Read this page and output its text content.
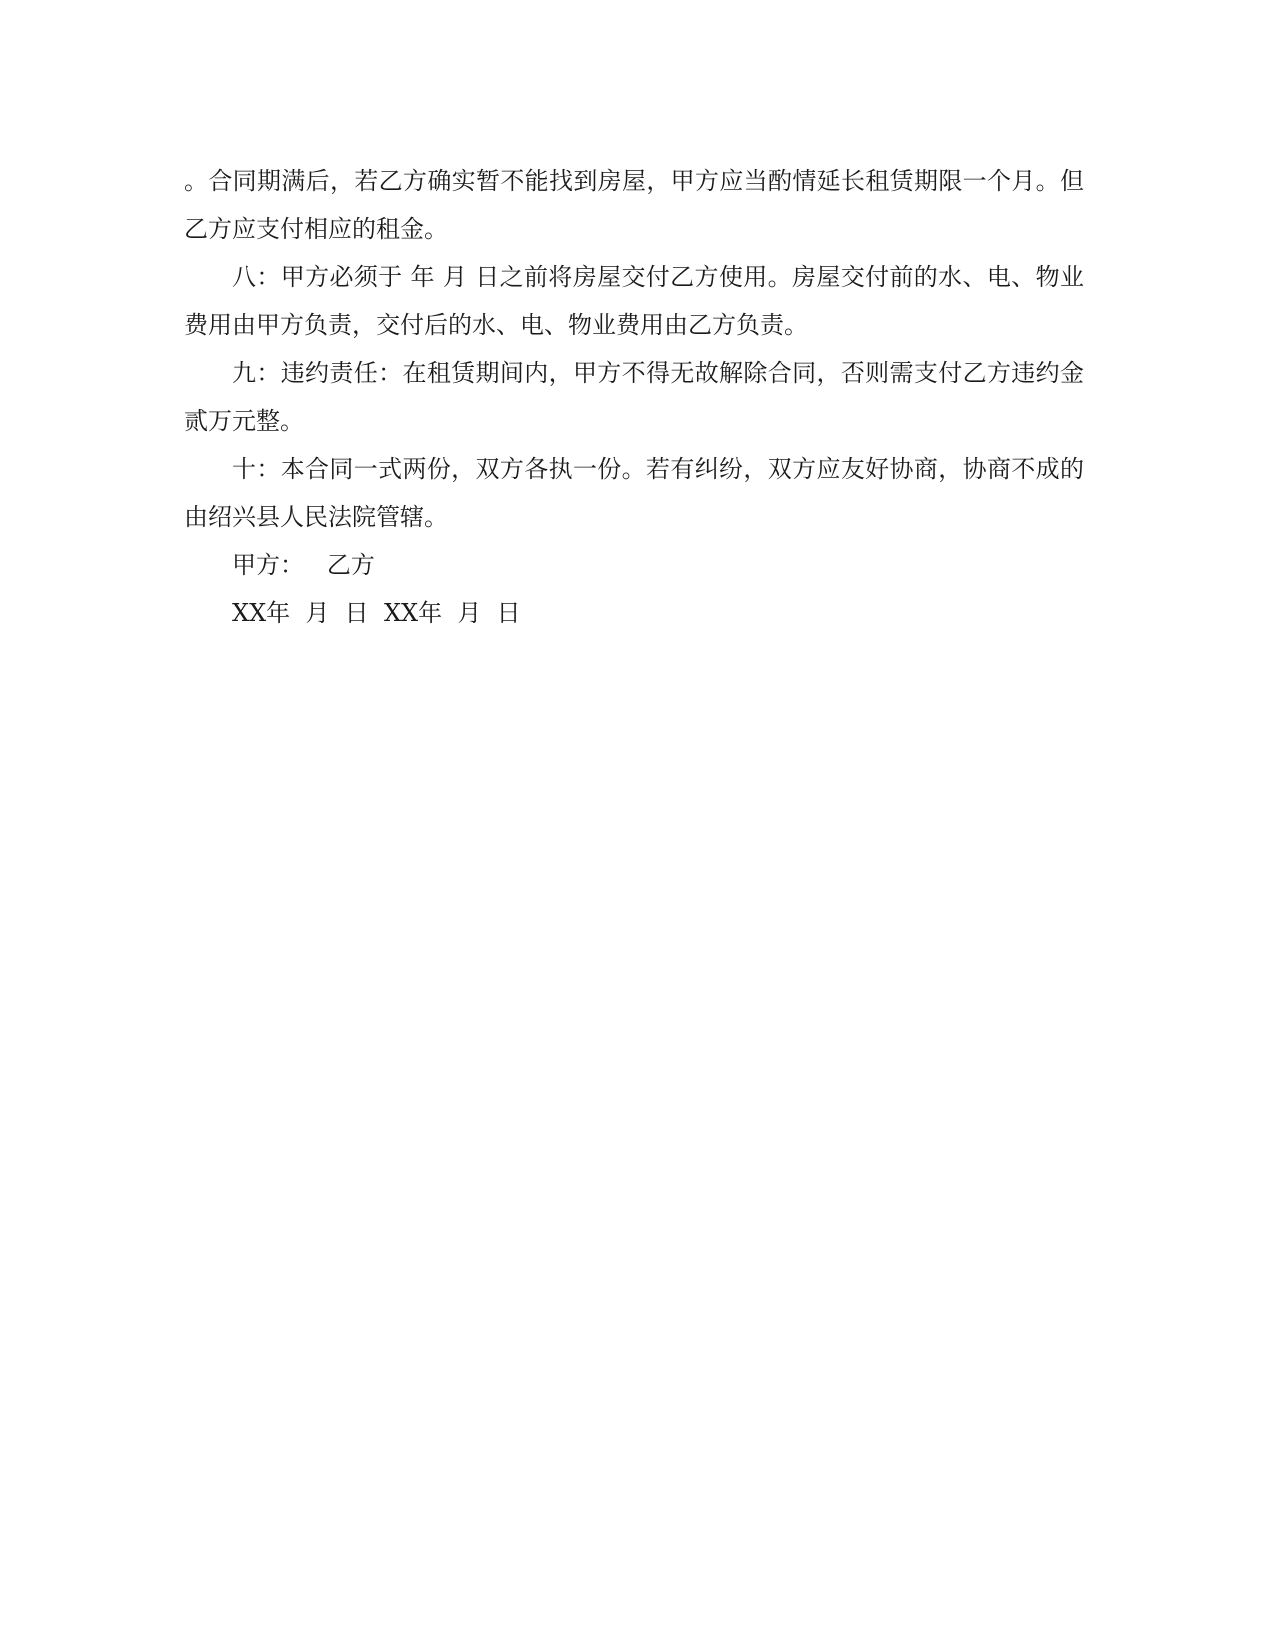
。合同期满后，若乙方确实暂不能找到房屋，甲方应当酌情延长租赁期限一个月。但乙方应支付相应的租金。

八：甲方必须于 年 月 日之前将房屋交付乙方使用。房屋交付前的水、电、物业费用由甲方负责，交付后的水、电、物业费用由乙方负责。

九：违约责任：在租赁期间内，甲方不得无故解除合同，否则需支付乙方违约金贰万元整。

十：本合同一式两份，双方各执一份。若有纠纷，双方应友好协商，协商不成的由绍兴县人民法院管辖。

甲方：   乙方

XX年  月  日  XX年  月  日
